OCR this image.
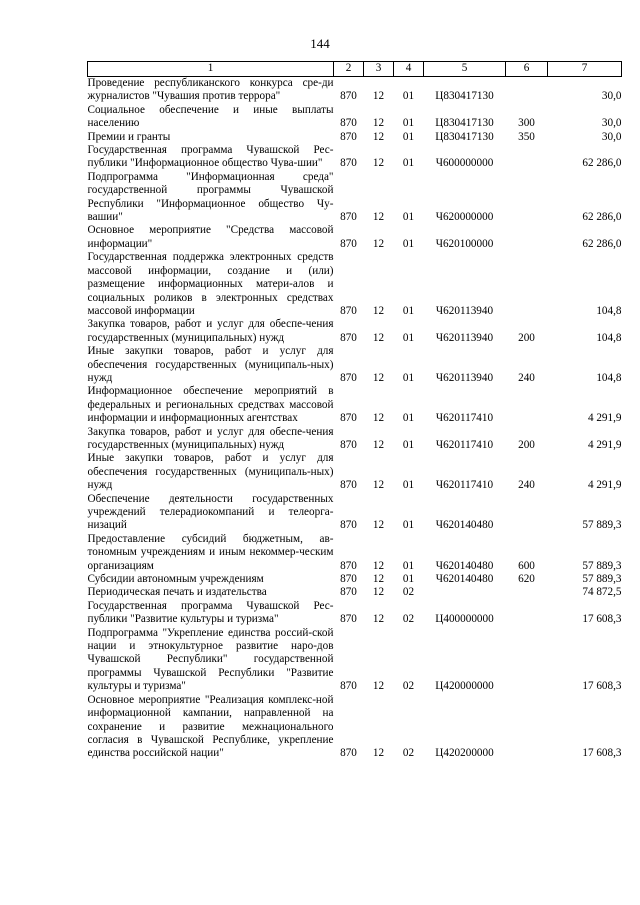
144
1	2	3	4	5	6	7
Проведение республиканского конкурса сре-ди журналистов "Чувашия против террора"	870	12	01	Ц830417130		30,0
Социальное обеспечение и иные выплаты населению	870	12	01	Ц830417130	300	30,0
Премии и гранты	870	12	01	Ц830417130	350	30,0
Государственная программа Чувашской Рес-публики "Информационное общество Чува-шии"	870	12	01	Ч600000000		62 286,0
Подпрограмма "Информационная среда" государственной программы Чувашской Республики "Информационное общество Чу-вашии"	870	12	01	Ч620000000		62 286,0
Основное мероприятие "Средства массовой информации"	870	12	01	Ч620100000		62 286,0
Государственная поддержка электронных средств массовой информации, создание и (или) размещение информационных матери-алов и социальных роликов в электронных средствах массовой информации	870	12	01	Ч620113940		104,8
Закупка товаров, работ и услуг для обеспе-чения государственных (муниципальных) нужд	870	12	01	Ч620113940	200	104,8
Иные закупки товаров, работ и услуг для обеспечения государственных (муниципаль-ных) нужд	870	12	01	Ч620113940	240	104,8
Информационное обеспечение мероприятий в федеральных и региональных средствах массовой информации и информационных агентствах	870	12	01	Ч620117410		4 291,9
Закупка товаров, работ и услуг для обеспе-чения государственных (муниципальных) нужд	870	12	01	Ч620117410	200	4 291,9
Иные закупки товаров, работ и услуг для обеспечения государственных (муниципаль-ных) нужд	870	12	01	Ч620117410	240	4 291,9
Обеспечение деятельности государственных учреждений телерадиокомпаний и телеорга-низаций	870	12	01	Ч620140480		57 889,3
Предоставление субсидий бюджетным, ав-тономным учреждениям и иным некоммер-ческим организациям	870	12	01	Ч620140480	600	57 889,3
Субсидии автономным учреждениям	870	12	01	Ч620140480	620	57 889,3
Периодическая печать и издательства	870	12	02			74 872,5
Государственная программа Чувашской Рес-публики "Развитие культуры и туризма"	870	12	02	Ц400000000		17 608,3
Подпрограмма "Укрепление единства россий-ской нации и этнокультурное развитие наро-дов Чувашской Республики" государственной программы Чувашской Республики "Развитие культуры и туризма"	870	12	02	Ц420000000		17 608,3
Основное мероприятие "Реализация комплекс-ной информационной кампании, направленной на сохранение и развитие межнационального согласия в Чувашской Республике, укрепление единства российской нации"	870	12	02	Ц420200000		17 608,3
